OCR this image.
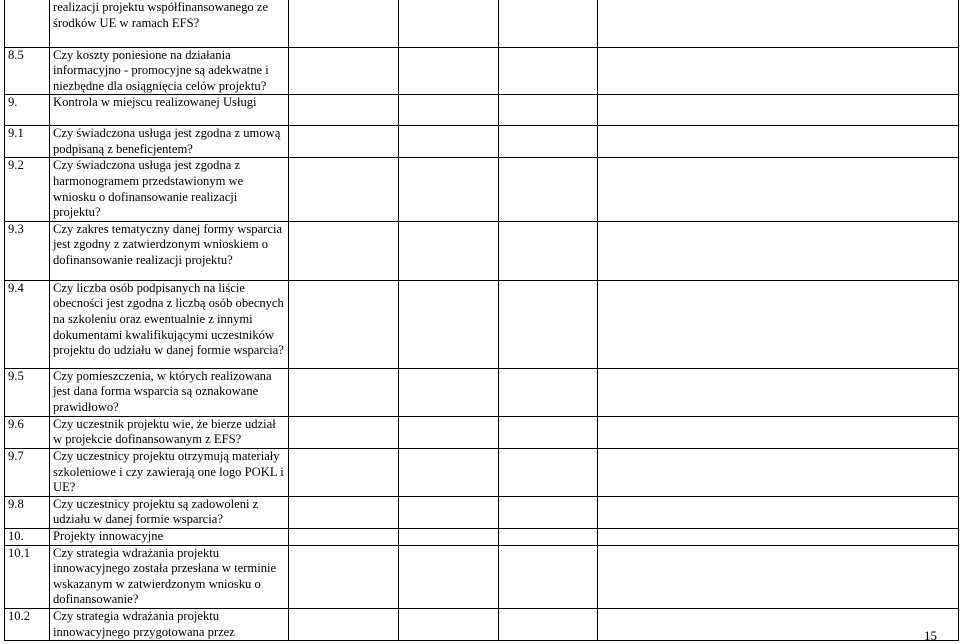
	realizacji projektu współfinansowanego ze środków UE w ramach EFS?				
8.5	Czy koszty poniesione na działania informacyjno - promocyjne są adekwatne i niezbędne dla osiągnięcia celów projektu?				
9.	Kontrola w miejscu realizowanej Usługi				
9.1	Czy świadczona usługa jest zgodna z umową podpisaną z beneficjentem?				
9.2	Czy świadczona usługa jest zgodna z harmonogramem przedstawionym we wniosku o dofinansowanie realizacji projektu?				
9.3	Czy zakres tematyczny danej formy wsparcia jest zgodny z zatwierdzonym wnioskiem o dofinansowanie realizacji projektu?				
9.4	Czy liczba osób podpisanych na liście obecności jest zgodna z liczbą osób obecnych na szkoleniu oraz ewentualnie z innymi dokumentami kwalifikującymi uczestników projektu do udziału w danej formie wsparcia?				
9.5	Czy pomieszczenia, w których realizowana jest dana forma wsparcia są oznakowane prawidłowo?				
9.6	Czy uczestnik projektu wie, że bierze udział w projekcie dofinansowanym z EFS?				
9.7	Czy uczestnicy projektu otrzymują materiały szkoleniowe i czy zawierają one logo POKL i UE?				
9.8	Czy uczestnicy projektu są zadowoleni z udziału w danej formie wsparcia?				
10.	Projekty innowacyjne				
10.1	Czy strategia wdrażania projektu innowacyjnego została przesłana w terminie wskazanym w zatwierdzonym wniosku o dofinansowanie?				
10.2	Czy strategia wdrażania projektu innowacyjnego przygotowana przez					15
